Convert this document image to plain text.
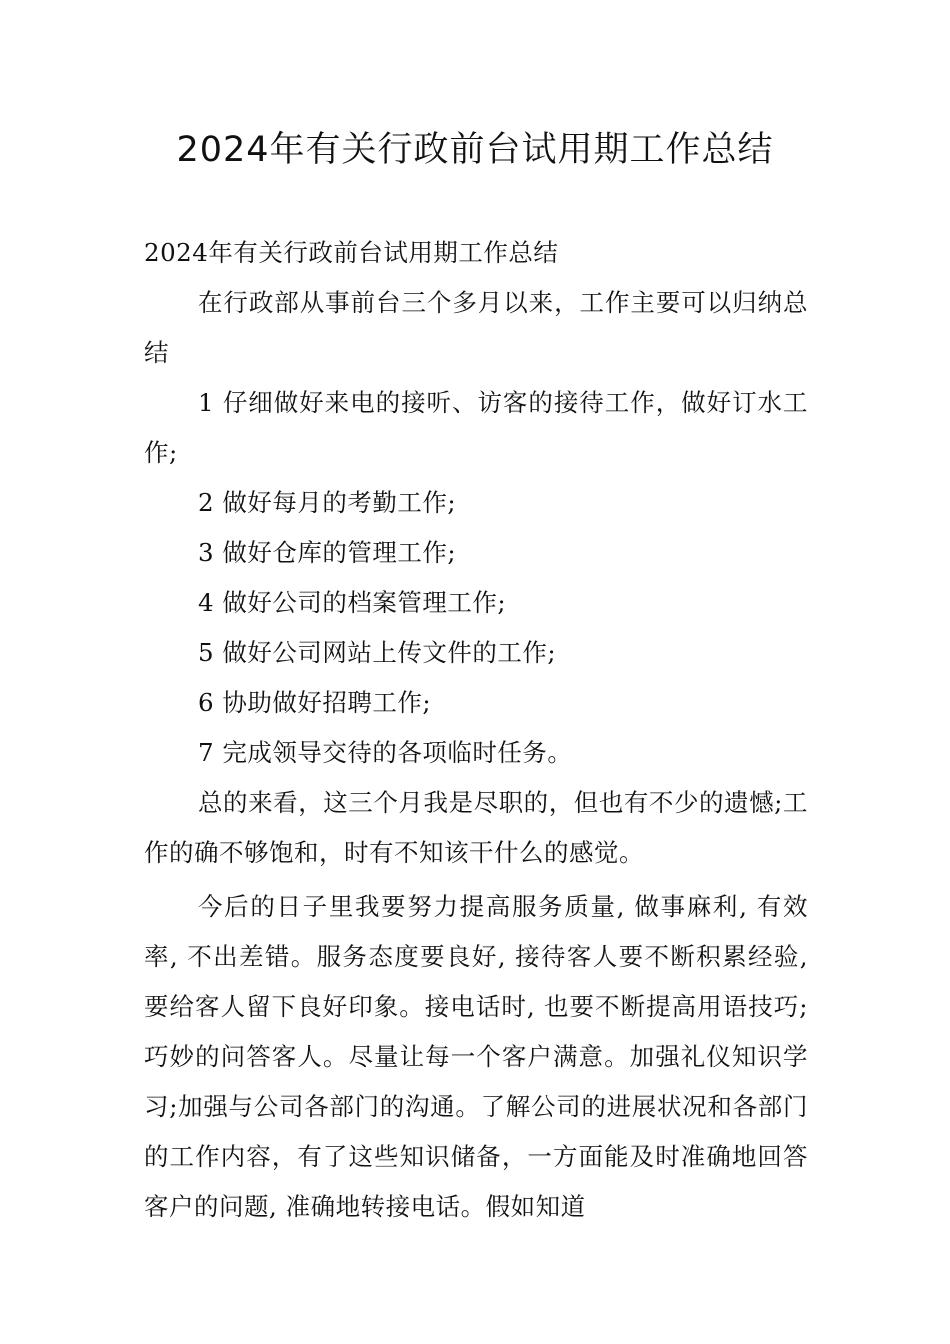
2024年有关行政前台试用期工作总结

2024年有关行政前台试用期工作总结

在行政部从事前台三个多月以来，工作主要可以归纳总结

1 仔细做好来电的接听、访客的接待工作，做好订水工作;

2 做好每月的考勤工作;

3 做好仓库的管理工作;

4 做好公司的档案管理工作;

5 做好公司网站上传文件的工作;

6 协助做好招聘工作;

7 完成领导交待的各项临时任务。

总的来看，这三个月我是尽职的，但也有不少的遗憾;工作的确不够饱和，时有不知该干什么的感觉。

今后的日子里我要努力提高服务质量, 做事麻利, 有效率, 不出差错。服务态度要良好, 接待客人要不断积累经验, 要给客人留下良好印象。接电话时, 也要不断提高用语技巧;巧妙的问答客人。尽量让每一个客户满意。加强礼仪知识学习;加强与公司各部门的沟通。了解公司的进展状况和各部门的工作内容，有了这些知识储备，一方面能及时准确地回答客户的问题, 准确地转接电话。假如知道
